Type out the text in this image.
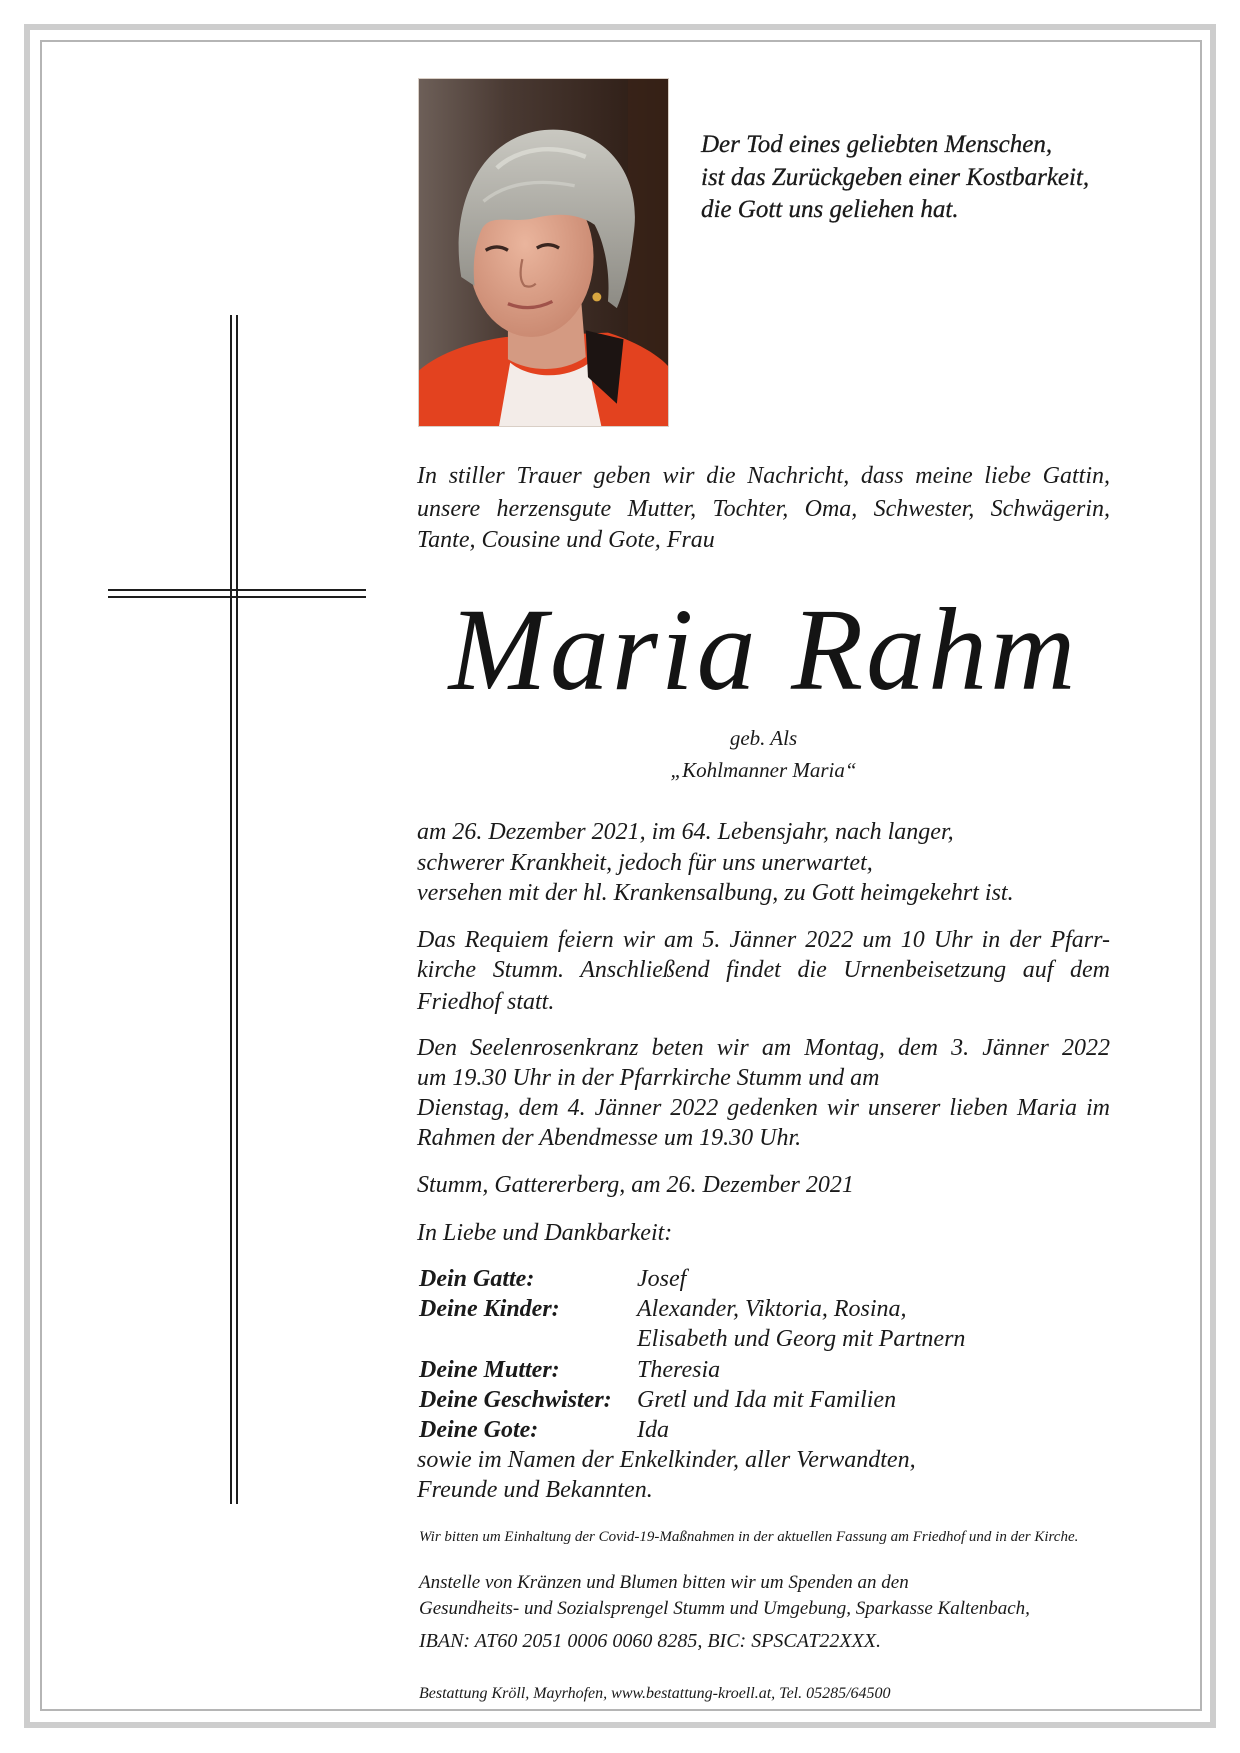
Der Tod eines geliebten Menschen,
ist das Zurückgeben einer Kostbarkeit,
die Gott uns geliehen hat.
In stiller Trauer geben wir die Nachricht, dass meine liebe Gattin,
unsere herzensgute Mutter, Tochter, Oma, Schwester, Schwägerin,
Tante, Cousine und Gote, Frau
Maria Rahm
geb. Als
„Kohlmanner Maria“
am 26. Dezember 2021, im 64. Lebensjahr, nach langer,
schwerer Krankheit, jedoch für uns unerwartet,
versehen mit der hl. Krankensalbung, zu Gott heimgekehrt ist.
Das Requiem feiern wir am 5. Jänner 2022 um 10 Uhr in der Pfarr-
kirche Stumm. Anschließend findet die Urnenbeisetzung auf dem
Friedhof statt.
Den Seelenrosenkranz beten wir am Montag, dem 3. Jänner 2022
um 19.30 Uhr in der Pfarrkirche Stumm und am
Dienstag, dem 4. Jänner 2022 gedenken wir unserer lieben Maria im
Rahmen der Abendmesse um 19.30 Uhr.
Stumm, Gattererberg, am 26. Dezember 2021
In Liebe und Dankbarkeit:
Dein Gatte:	Josef
Deine Kinder:	Alexander, Viktoria, Rosina,
Elisabeth und Georg mit Partnern
Deine Mutter:	Theresia
Deine Geschwister: Gretl und Ida mit Familien
Deine Gote:	Ida
sowie im Namen der Enkelkinder, aller Verwandten,
Freunde und Bekannten.
Wir bitten um Einhaltung der Covid-19-Maßnahmen in der aktuellen Fassung am Friedhof und in der Kirche.
Anstelle von Kränzen und Blumen bitten wir um Spenden an den
Gesundheits- und Sozialsprengel Stumm und Umgebung, Sparkasse Kaltenbach,
IBAN: AT60 2051 0006 0060 8285, BIC: SPSCAT22XXX.
Bestattung Kröll, Mayrhofen, www.bestattung-kroell.at, Tel. 05285/64500
